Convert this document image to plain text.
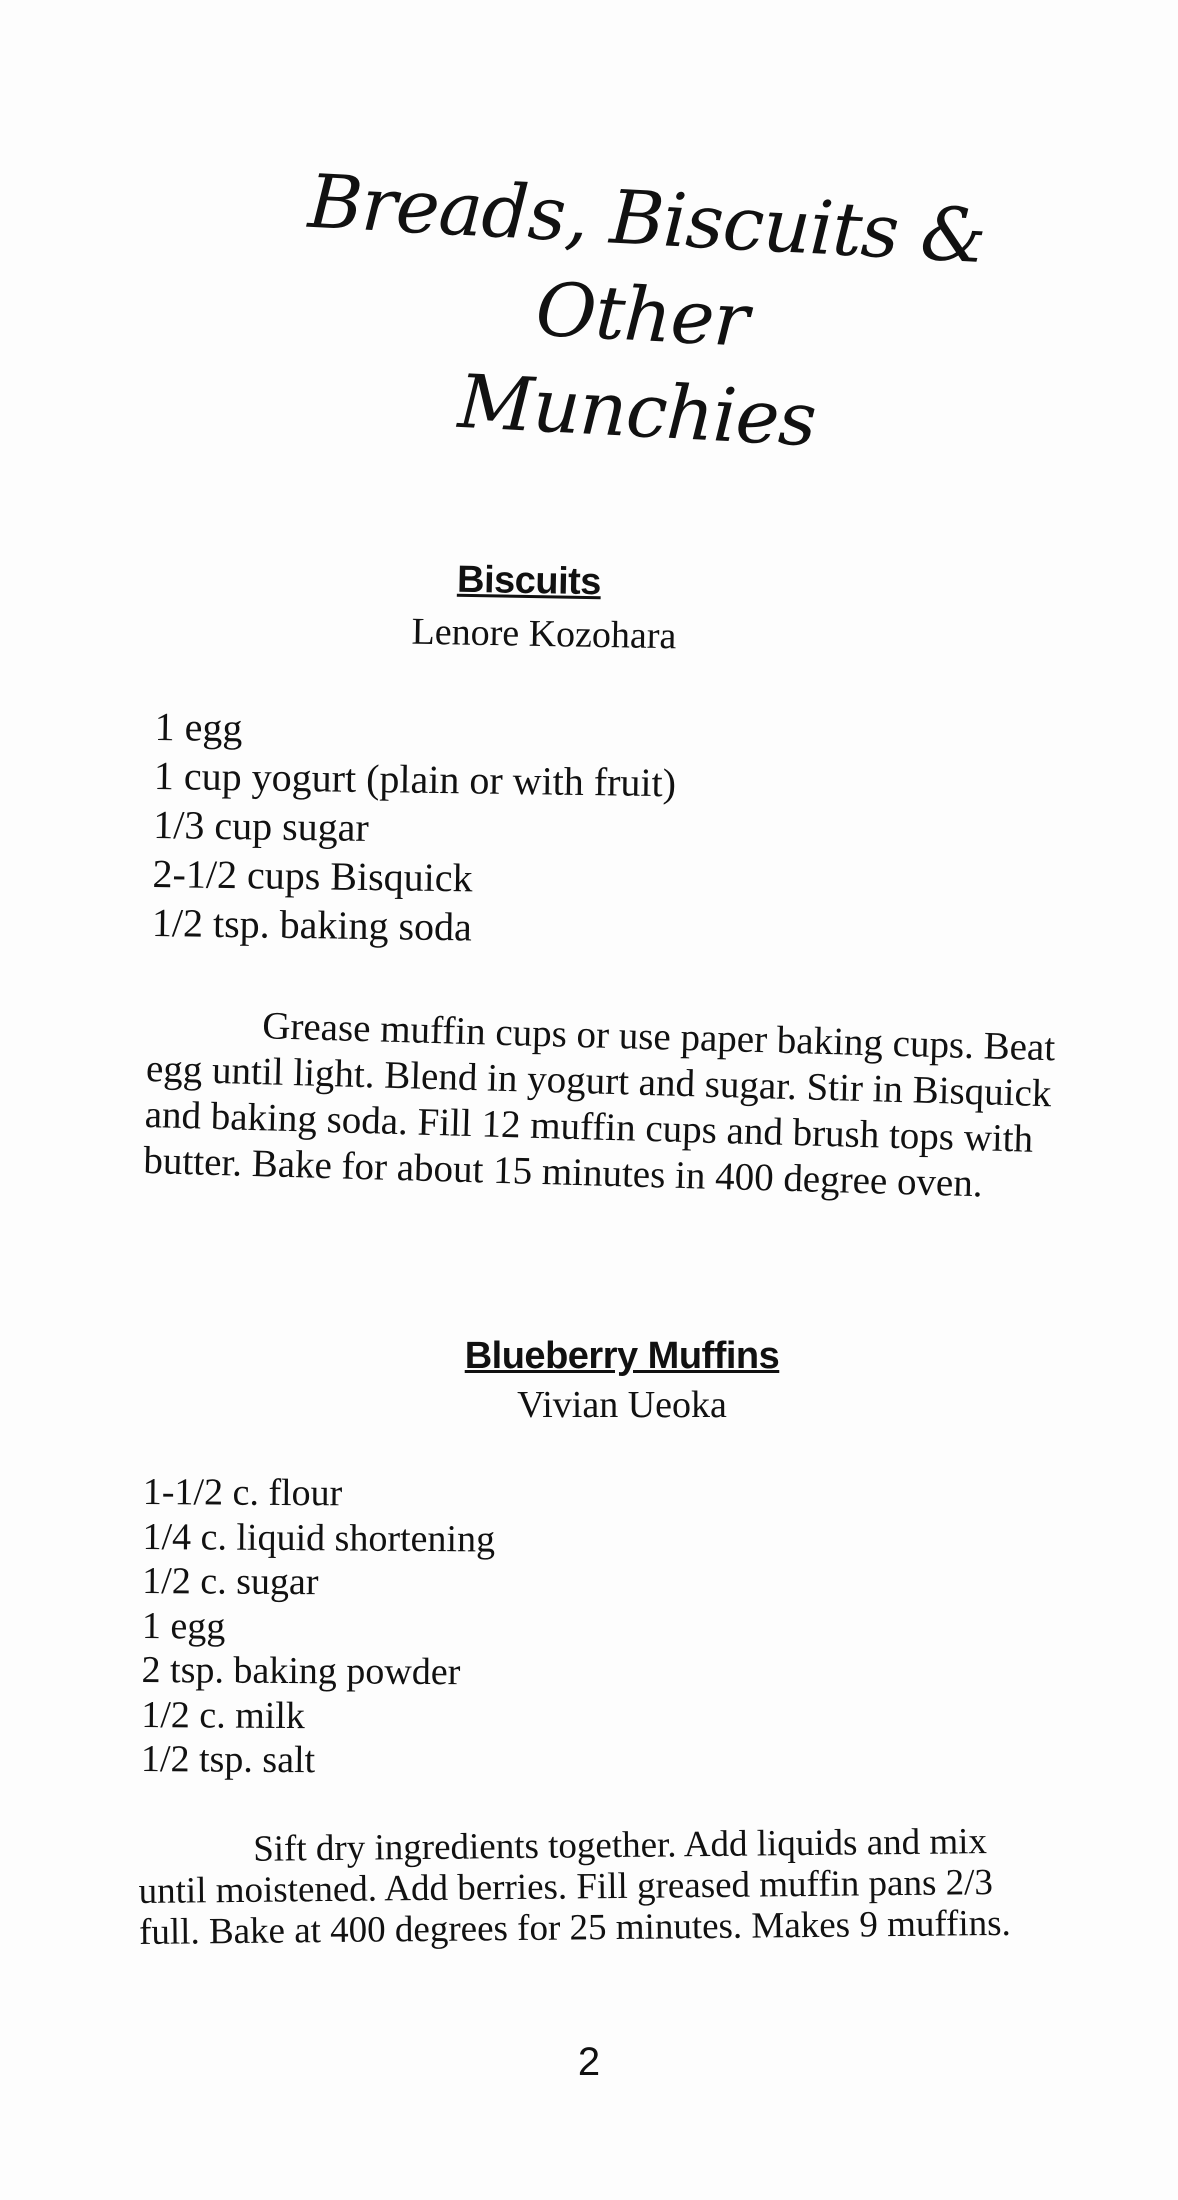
Breads, Biscuits & Other
Munchies
Biscuits
Lenore Kozohara
1 egg
1 cup yogurt (plain or with fruit)
1/3 cup sugar
2-1/2 cups Bisquick
1/2 tsp. baking soda

Grease muffin cups or use paper baking cups. Beat egg until light. Blend in yogurt and sugar. Stir in Bisquick and baking soda. Fill 12 muffin cups and brush tops with butter. Bake for about 15 minutes in 400 degree oven.

Blueberry Muffins
Vivian Ueoka
1-1/2 c. flour
1/4 c. liquid shortening
1/2 c. sugar
1 egg
2 tsp. baking powder
1/2 c. milk
1/2 tsp. salt

Sift dry ingredients together. Add liquids and mix until moistened. Add berries. Fill greased muffin pans 2/3 full. Bake at 400 degrees for 25 minutes. Makes 9 muffins.

2
